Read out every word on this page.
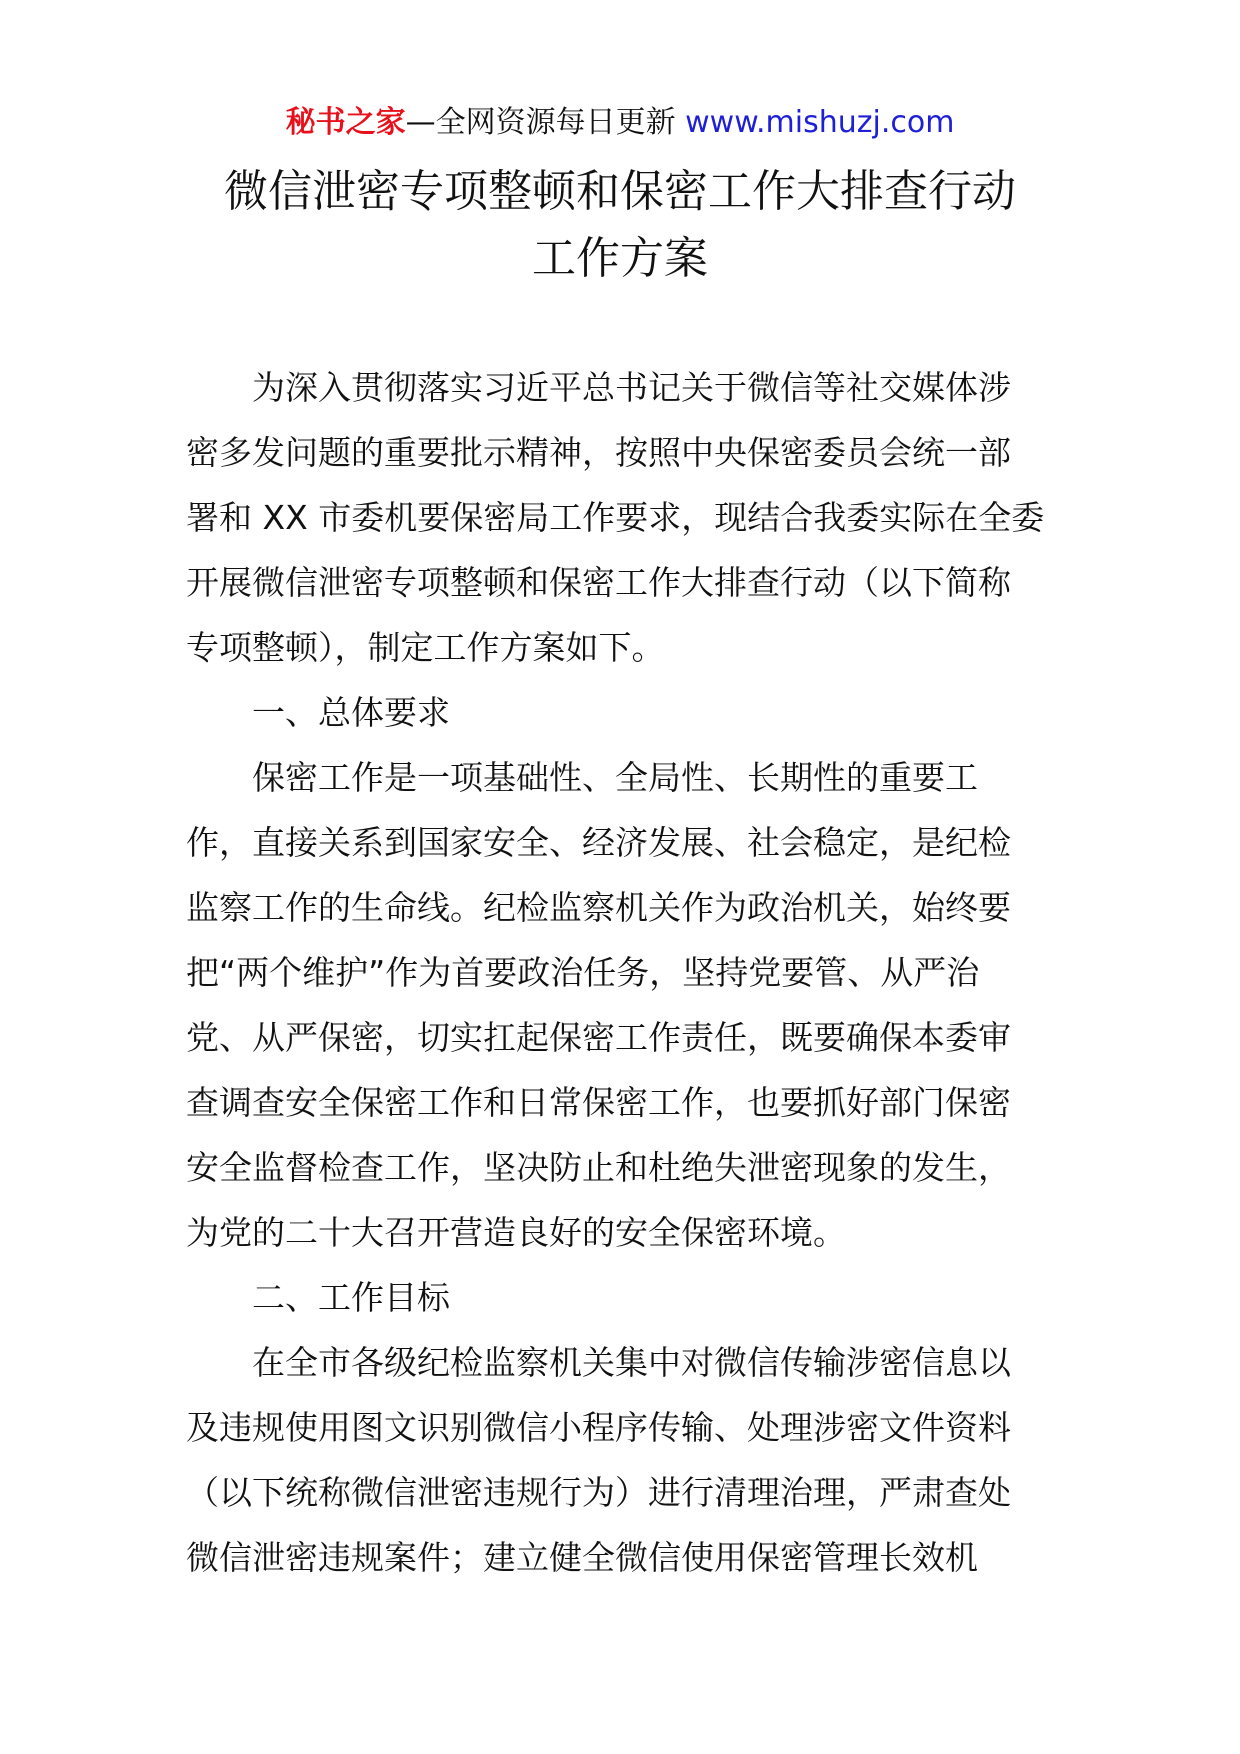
秘书之家—全网资源每日更新 www.mishuzj.com
微信泄密专项整顿和保密工作大排查行动
工作方案
为深入贯彻落实习近平总书记关于微信等社交媒体涉
密多发问题的重要批示精神，按照中央保密委员会统一部
署和 XX 市委机要保密局工作要求，现结合我委实际在全委
开展微信泄密专项整顿和保密工作大排查行动（以下简称
专项整顿），制定工作方案如下。
一、总体要求
保密工作是一项基础性、全局性、长期性的重要工
作，直接关系到国家安全、经济发展、社会稳定，是纪检
监察工作的生命线。纪检监察机关作为政治机关，始终要
把“两个维护”作为首要政治任务，坚持党要管、从严治
党、从严保密，切实扛起保密工作责任，既要确保本委审
查调查安全保密工作和日常保密工作，也要抓好部门保密
安全监督检查工作，坚决防止和杜绝失泄密现象的发生，
为党的二十大召开营造良好的安全保密环境。
二、工作目标
在全市各级纪检监察机关集中对微信传输涉密信息以
及违规使用图文识别微信小程序传输、处理涉密文件资料
（以下统称微信泄密违规行为）进行清理治理，严肃查处
微信泄密违规案件；建立健全微信使用保密管理长效机
